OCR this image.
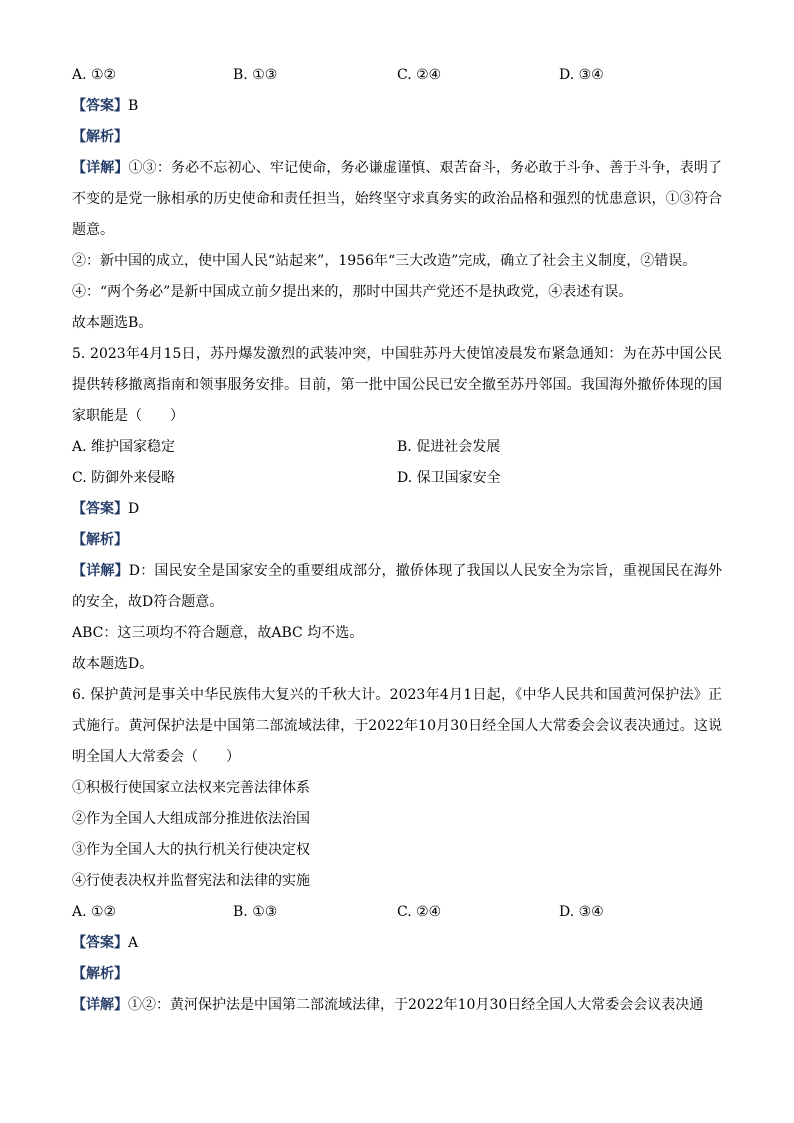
A. ①②	B. ①③	C. ②④	D. ③④
【答案】B
【解析】
【详解】①③：务必不忘初心、牢记使命，务必谦虚谨慎、艰苦奋斗，务必敢于斗争、善于斗争，表明了不变的是党一脉相承的历史使命和责任担当，始终坚守求真务实的政治品格和强烈的忧患意识，①③符合题意。
②：新中国的成立，使中国人民“站起来”，1956年“三大改造”完成，确立了社会主义制度，②错误。
④：“两个务必”是新中国成立前夕提出来的，那时中国共产党还不是执政党，④表述有误。
故本题选B。
5. 2023年4月15日，苏丹爆发激烈的武装冲突，中国驻苏丹大使馆凌晨发布紧急通知：为在苏中国公民提供转移撤离指南和领事服务安排。目前，第一批中国公民已安全撤至苏丹邻国。我国海外撤侨体现的国家职能是（　　）
A. 维护国家稳定	B. 促进社会发展
C. 防御外来侵略	D. 保卫国家安全
【答案】D
【解析】
【详解】D：国民安全是国家安全的重要组成部分，撤侨体现了我国以人民安全为宗旨，重视国民在海外的安全，故D符合题意。
ABC：这三项均不符合题意，故ABC 均不选。
故本题选D。
6. 保护黄河是事关中华民族伟大复兴的千秋大计。2023年4月1日起，《中华人民共和国黄河保护法》正式施行。黄河保护法是中国第二部流域法律，于2022年10月30日经全国人大常委会会议表决通过。这说明全国人大常委会（　　）
①积极行使国家立法权来完善法律体系
②作为全国人大组成部分推进依法治国
③作为全国人大的执行机关行使决定权
④行使表决权并监督宪法和法律的实施
A. ①②	B. ①③	C. ②④	D. ③④
【答案】A
【解析】
【详解】①②：黄河保护法是中国第二部流域法律，于2022年10月30日经全国人大常委会会议表决通
